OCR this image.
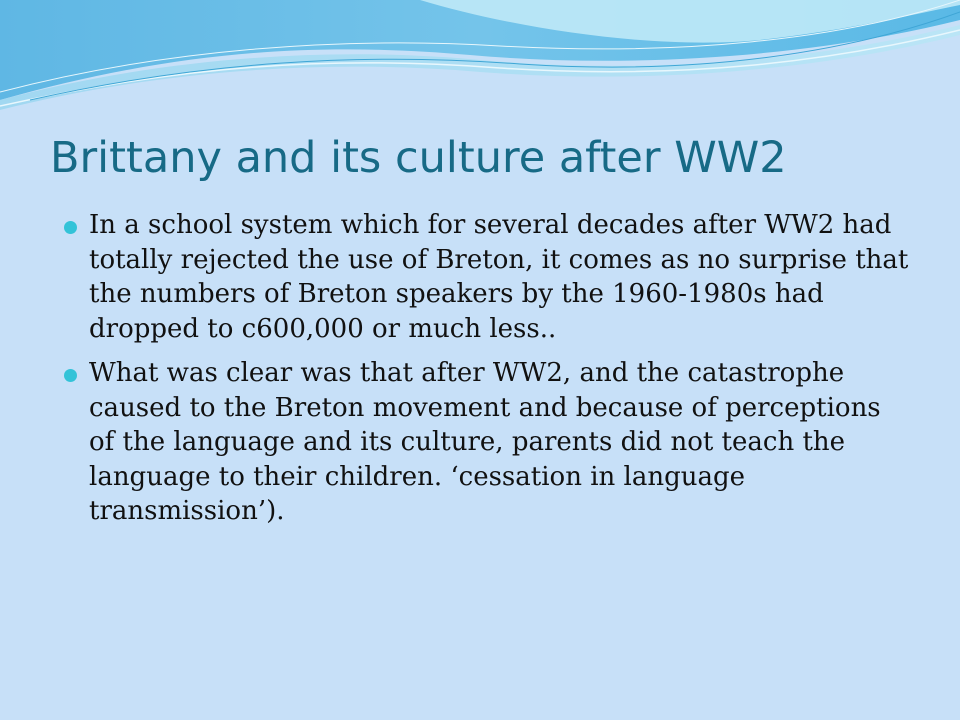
Brittany and its culture after WW2
In a school system which for several decades after WW2 had totally rejected the use of Breton, it comes as no surprise that the numbers of Breton speakers by the 1960-1980s had dropped to c600,000 or much less..
What was clear was that after WW2, and the catastrophe caused to the Breton movement and because of perceptions of the language and its culture, parents did not teach the language to their children. ‘cessation in language transmission’).
